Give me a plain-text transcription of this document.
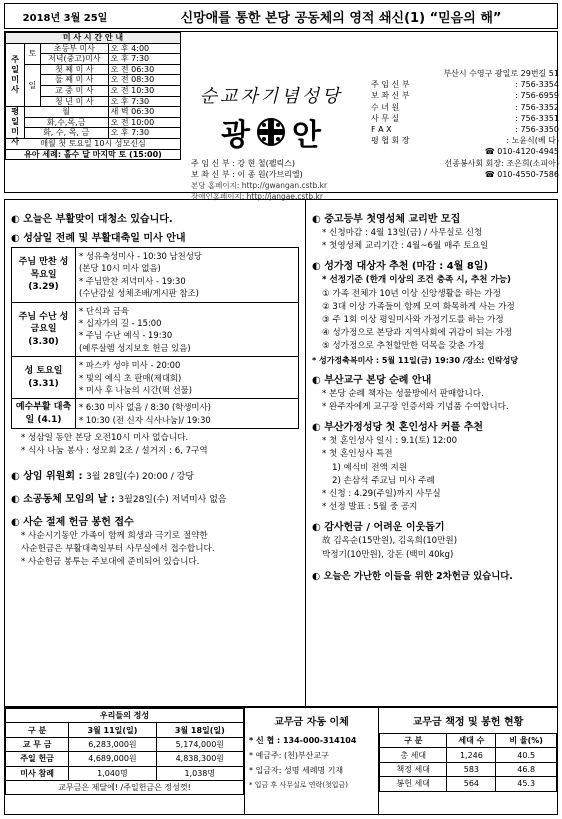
2018년 3월 25일	신망애를 통한 본당 공동체의 영적 쇄신(1) “믿음의 해”
미 사 시 간 안 내			
주일미사	토	초등부 미사	오 후 4:00
		저녁(중고)미사	오 후 7:30
	일	첫 째 미 사	오 전 06:30
		둘 째 미 사	오 전 08:30
		교 중 미 사	오 전 10:30
		청 년 미 사	오 후 7:30
평일미사	월		새 벽 06:30
	화,수,목,금		오 전 10:00
	화, 수, 목, 금		오 후 7:30
매월 첫 토요일 10시 성모신심			
유아 세례: 홀수 달 마지막 토 (15:00)			
순교자기념성당
광 안
주 임 신 부 : 강 현 철(펠릭스)
보 좌 신 부 : 이 종 원(가브리엘)
본당 홈페이지: http://gwangan.cstb.kr
장애인홈페이지: http://jangae.cstb.kr
부산시 수영구 광일로 29번길 51
주 임 신 부	: 756-3354
보 좌 신 부	: 756-6959
수 녀 원	: 756-3352
사 무 실	: 756-3351
F A X	: 756-3350
평 협 회 장	: 노윤식(베 다)
☎ 010-4120-4945
선종봉사회 회장: 조은희(소피아)
☎ 010-4550-7586
◐ 오늘은 부활맞이 대청소 있습니다.
◐ 성삼일 전례 및 부활대축일 미사 안내
주님 만찬 성 목요일 (3.29)	* 성유축성미사 - 10:30 남천성당
(본당 10시 미사 없음)
* 주님만찬 저녁미사 - 19:30
(수난감실 성체조배/게시판 참조)

주님 수난 성 금요일 (3.30)	* 단식과 금육
* 십자가의 길 - 15:00
* 주님 수난 예식 - 19:30
(예루살렘 성지보호 헌금 있음)

성 토요일 (3.31)	* 파스카 성야 미사 - 20:00
* 빛의 예식 초 판매(제대회)
* 미사 후 나눔의 시간(떡 선물)

예수부활 대축일 (4.1)	* 6:30 미사 없음 / 8:30 (학생미사)
* 10:30 (전 신자 식사나눔)/ 19:30
* 성삼일 동안 본당 오전10시 미사 없습니다.
* 식사 나눔 봉사 : 성모회 2조 / 설거지 : 6, 7구역
◐ 상임 위원회 : 3월 28일(수) 20:00 / 강당
◐ 소공동체 모임의 날 : 3월28일(수) 저녁미사 없음
◐ 사순 절제 헌금 봉헌 접수
* 사순시기동안 가족이 함께 희생과 극기로 절약한
사순헌금은 부활대축일부터 사무실에서 접수합니다.
* 사순헌금 봉투는 주보대에 준비되어 있습니다.
◐ 중고등부 첫영성체 교리반 모집
* 신청마감 : 4월 13일(금) / 사무실로 신청
* 첫영성체 교리기간 : 4월~6월 매주 토요일
◐ 성가정 대상자 추천 (마감 : 4월 8일)
* 선정기준 (한개 이상의 조건 충족 시, 추천 가능)
① 가족 전체가 10년 이상 신앙생활을 하는 가정
② 3대 이상 가족들이 함께 모여 화목하게 사는 가정
③ 주 1회 이상 평일미사와 가정기도를 하는 가정
④ 성가정으로 본당과 지역사회에 귀감이 되는 가정
⑤ 성가정으로 추천할만한 덕목을 갖춘 가정
* 성가정축복미사 : 5월 11일(금) 19:30 /장소: 인락성당
◐ 부산교구 본당 순례 안내
* 본당 순례 책자는 성물방에서 판매합니다.
* 완주자에게 교구장 인증서와 기념품 수여합니다.
◐ 부산가정성당 첫 혼인성사 커플 추천
* 첫 혼인성사 일시 : 9.1(토) 12:00
* 첫 혼인성사 특전
1) 예식비 전액 지원
2) 손삼석 주교님 미사 주례
* 신청 : 4.29(주일)까지 사무실
* 선정 발표 : 5월 중 공지
◐ 감사헌금 / 어려운 이웃돕기
故 김옥순(15만원), 김옥희(10만원)
박정기(10만원), 강돈 (백미 40kg)
◐ 오늘은 가난한 이들을 위한 2차헌금 있습니다.
우리들의 정성		
구 분	3월 11일(일)	3월 18일(일)
교 무 금	6,283,000원	5,174,000원
주일 헌금	4,689,000원	4,838,300원
미사 참례	1,040명	1,038명
교무금은 제달에! /주일헌금은 정성껏!		
교무금 자동 이체
* 신 협 : 134-000-314104
* 예금주: (천)부산교구
* 입금자: 성명 세례명 기재
* 입금 후 사무실로 연락(첫입금)
교무금 책정 및 봉헌 현황
구 분	세대 수	비 율(%)
총 세대	1,246	40.5
책정 세대	583	46.8
봉헌 세대	564	45.3
